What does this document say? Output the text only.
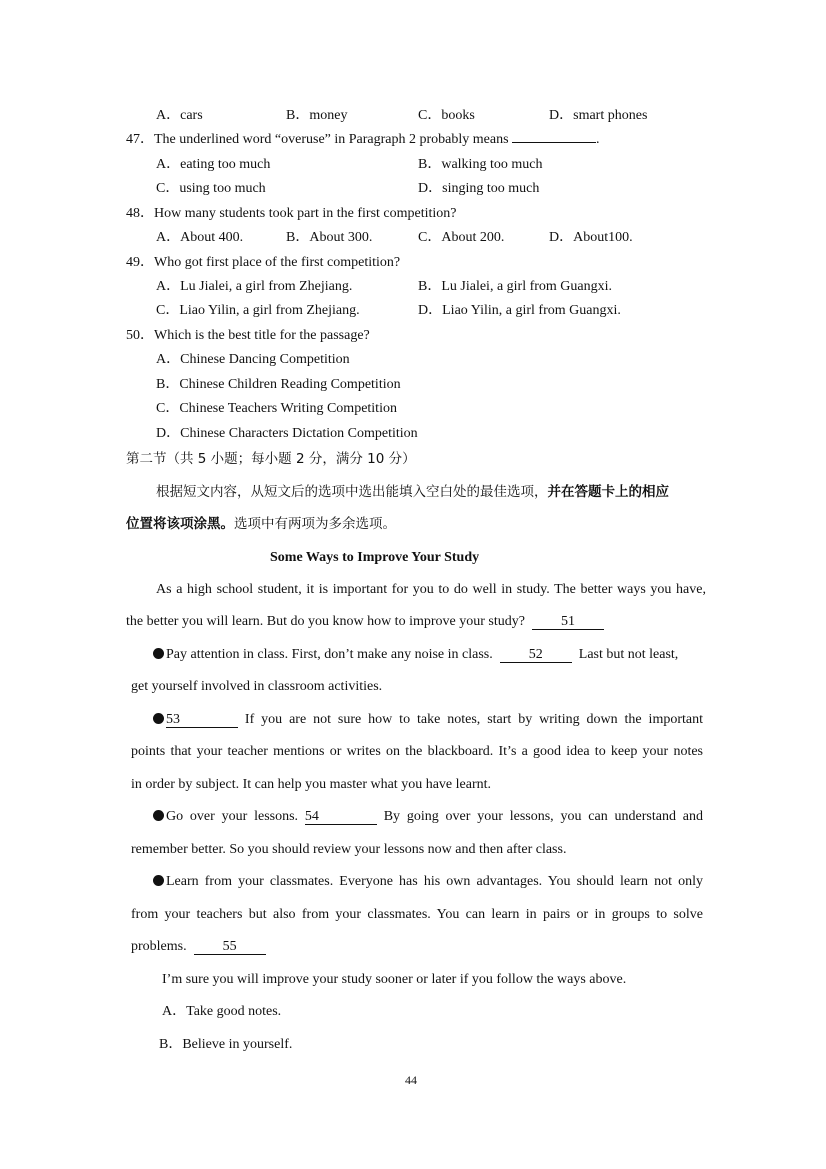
A．cars	B．money	C．books	D．smart phones
47．The underlined word “overuse” in Paragraph 2 probably means	.
A．eating too much	B．walking too much
C．using too much	D．singing too much
48．How many students took part in the first competition?
A．About 400.	B．About 300.	C．About 200.	D．About100.
49．Who got first place of the first competition?
A．Lu Jialei, a girl from Zhejiang.	B．Lu Jialei, a girl from Guangxi.
C．Liao Yilin, a girl from Zhejiang.	D．Liao Yilin, a girl from Guangxi.
50．Which is the best title for the passage?
A．Chinese Dancing Competition
B．Chinese Children Reading Competition
C．Chinese Teachers Writing Competition
D．Chinese Characters Dictation Competition
第二节（共 5 小题；每小题 2 分，满分 10 分）
根据短文内容，从短文后的选项中选出能填入空白处的最佳选项，并在答题卡上的相应
位置将该项涂黑。选项中有两项为多余选项。
Some Ways to Improve Your Study
As a high school student, it is important for you to do well in study. The better ways you have,
the better you will learn. But do you know how to improve your study?	51
Pay attention in class. First, don’t make any noise in class.	52	Last but not least,
get yourself involved in classroom activities.
53	If you are not sure how to take notes, start by writing down the important
points that your teacher mentions or writes on the blackboard. It’s a good idea to keep your notes
in order by subject. It can help you master what you have learnt.
Go over your lessons. 54	By going over your lessons, you can understand and
remember better. So you should review your lessons now and then after class.
Learn from your classmates. Everyone has his own advantages. You should learn not only
from your teachers but also from your classmates. You can learn in pairs or in groups to solve
problems.	55
I’m sure you will improve your study sooner or later if you follow the ways above.
A．Take good notes.
B．Believe in yourself.
44
